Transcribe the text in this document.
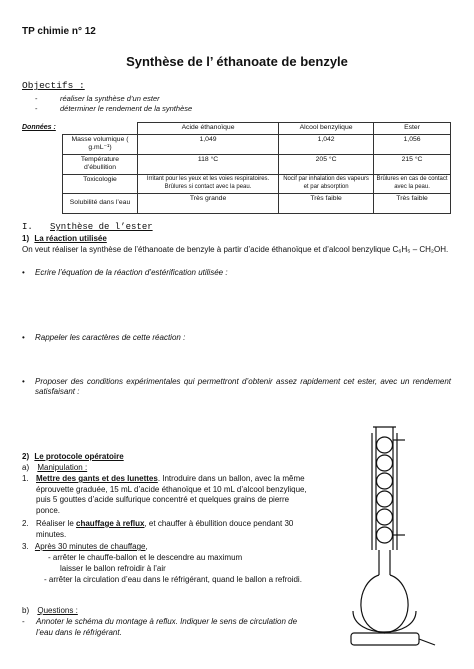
TP chimie n° 12
Synthèse de l’ éthanoate de benzyle
Objectifs :
-	réaliser la synthèse d’un ester
-	déterminer le rendement de la synthèse
Données :
		Acide éthanoïque	Alcool benzylique	Ester
Masse volumique ( g.mL⁻¹)	1,049	1,042	1,056
Température d’ébullition	118 °C	205 °C	215 °C
Toxicologie	Irritant pour les yeux et les voies respiratoires. Brûlures si contact avec la peau.	Nocif par inhalation des vapeurs et par absorption	Brûlures en cas de contact avec la peau.
Solubilité dans l’eau	Très grande	Très faible	Très faible
I. Synthèse de l’ester
1) La réaction utilisée
On veut réaliser la synthèse de l’éthanoate de benzyle à partir d’acide éthanoïque et d’alcool benzylique C₆H₅ – CH₂OH.
• Ecrire l’équation de la réaction d’estérification utilisée :
• Rappeler les caractères de cette réaction :
• Proposer des conditions expérimentales qui permettront d’obtenir assez rapidement cet ester, avec un rendement satisfaisant :
2) Le protocole opératoire
a) Manipulation :
1. Mettre des gants et des lunettes. Introduire dans un ballon, avec la même éprouvette graduée, 15 mL d’acide éthanoïque et 10 mL d’alcool benzylique, puis 5 gouttes d’acide sulfurique concentré et quelques grains de pierre ponce.
2. Réaliser le chauffage à reflux, et chauffer à ébullition douce pendant 30 minutes.
3. Après 30 minutes de chauffage,
- arrêter le chauffe-ballon et le descendre au maximum
laisser le ballon refroidir à l’air
- arrêter la circulation d’eau dans le réfrigérant, quand le ballon a refroidi.
b) Questions :
- Annoter le schéma du montage à reflux. Indiquer le sens de circulation de l’eau dans le réfrigérant.
